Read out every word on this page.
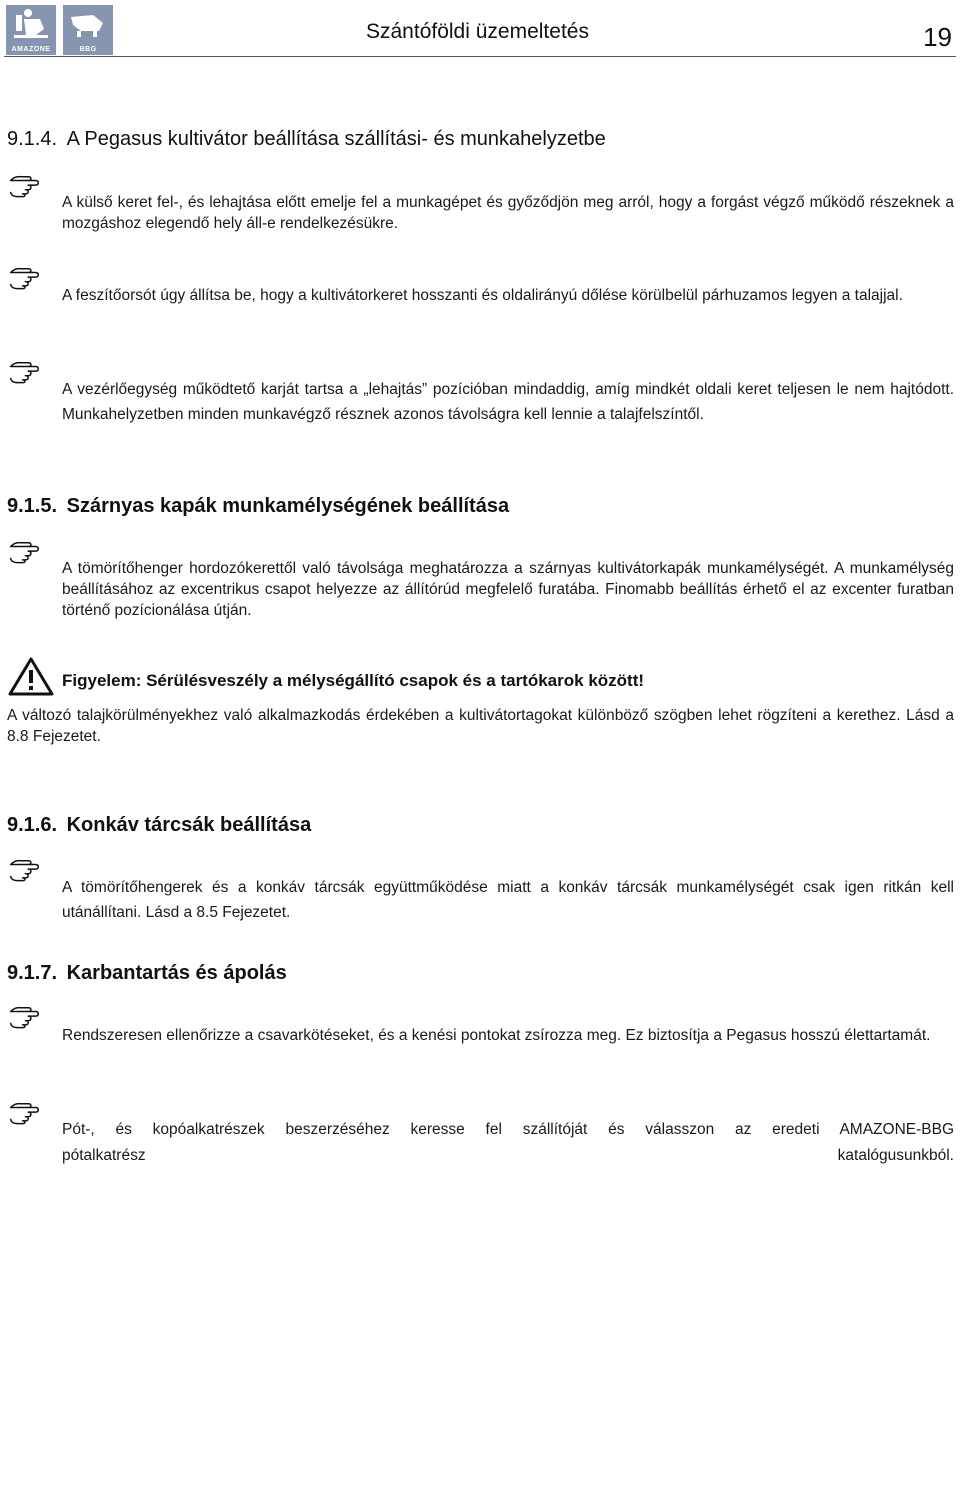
AMAZONE	BBG
Szántóföldi üzemeltetés	19
9.1.4. A Pegasus kultivátor beállítása szállítási- és munkahelyzetbe

A külső keret fel-, és lehajtása előtt emelje fel a munkagépet és győződjön meg arról, hogy a forgást végző működő részeknek a mozgáshoz elegendő hely áll-e rendelkezésükre.

A feszítőorsót úgy állítsa be, hogy a kultivátorkeret hosszanti és oldalirányú dőlése körülbelül párhuzamos legyen a talajjal.

A vezérlőegység működtető karját tartsa a „lehajtás” pozícióban mindaddig, amíg mindkét oldali keret teljesen le nem hajtódott. Munkahelyzetben minden munkavégző résznek azonos távolságra kell lennie a talajfelszíntől.

9.1.5. Szárnyas kapák munkamélységének beállítása

A tömörítőhenger hordozókerettől való távolsága meghatározza a szárnyas kultivátorkapák munkamélységét. A munkamélység beállításához az excentrikus csapot helyezze az állítórúd megfelelő furatába. Finomabb beállítás érhető el az excenter furatban történő pozícionálása útján.

Figyelem: Sérülésveszély a mélységállító csapok és a tartókarok között!

A változó talajkörülményekhez való alkalmazkodás érdekében a kultivátortagokat különböző szögben lehet rögzíteni a kerethez. Lásd a 8.8 Fejezetet.

9.1.6. Konkáv tárcsák beállítása

A tömörítőhengerek és a konkáv tárcsák együttműködése miatt a konkáv tárcsák munkamélységét csak igen ritkán kell utánállítani. Lásd a 8.5 Fejezetet.

9.1.7. Karbantartás és ápolás

Rendszeresen ellenőrizze a csavarkötéseket, és a kenési pontokat zsírozza meg. Ez biztosítja a Pegasus hosszú élettartamát.

Pót-, és kopóalkatrészek beszerzéséhez keresse fel szállítóját és válasszon az eredeti AMAZONE-BBG

pótalkatrész	katalógusunkból.
